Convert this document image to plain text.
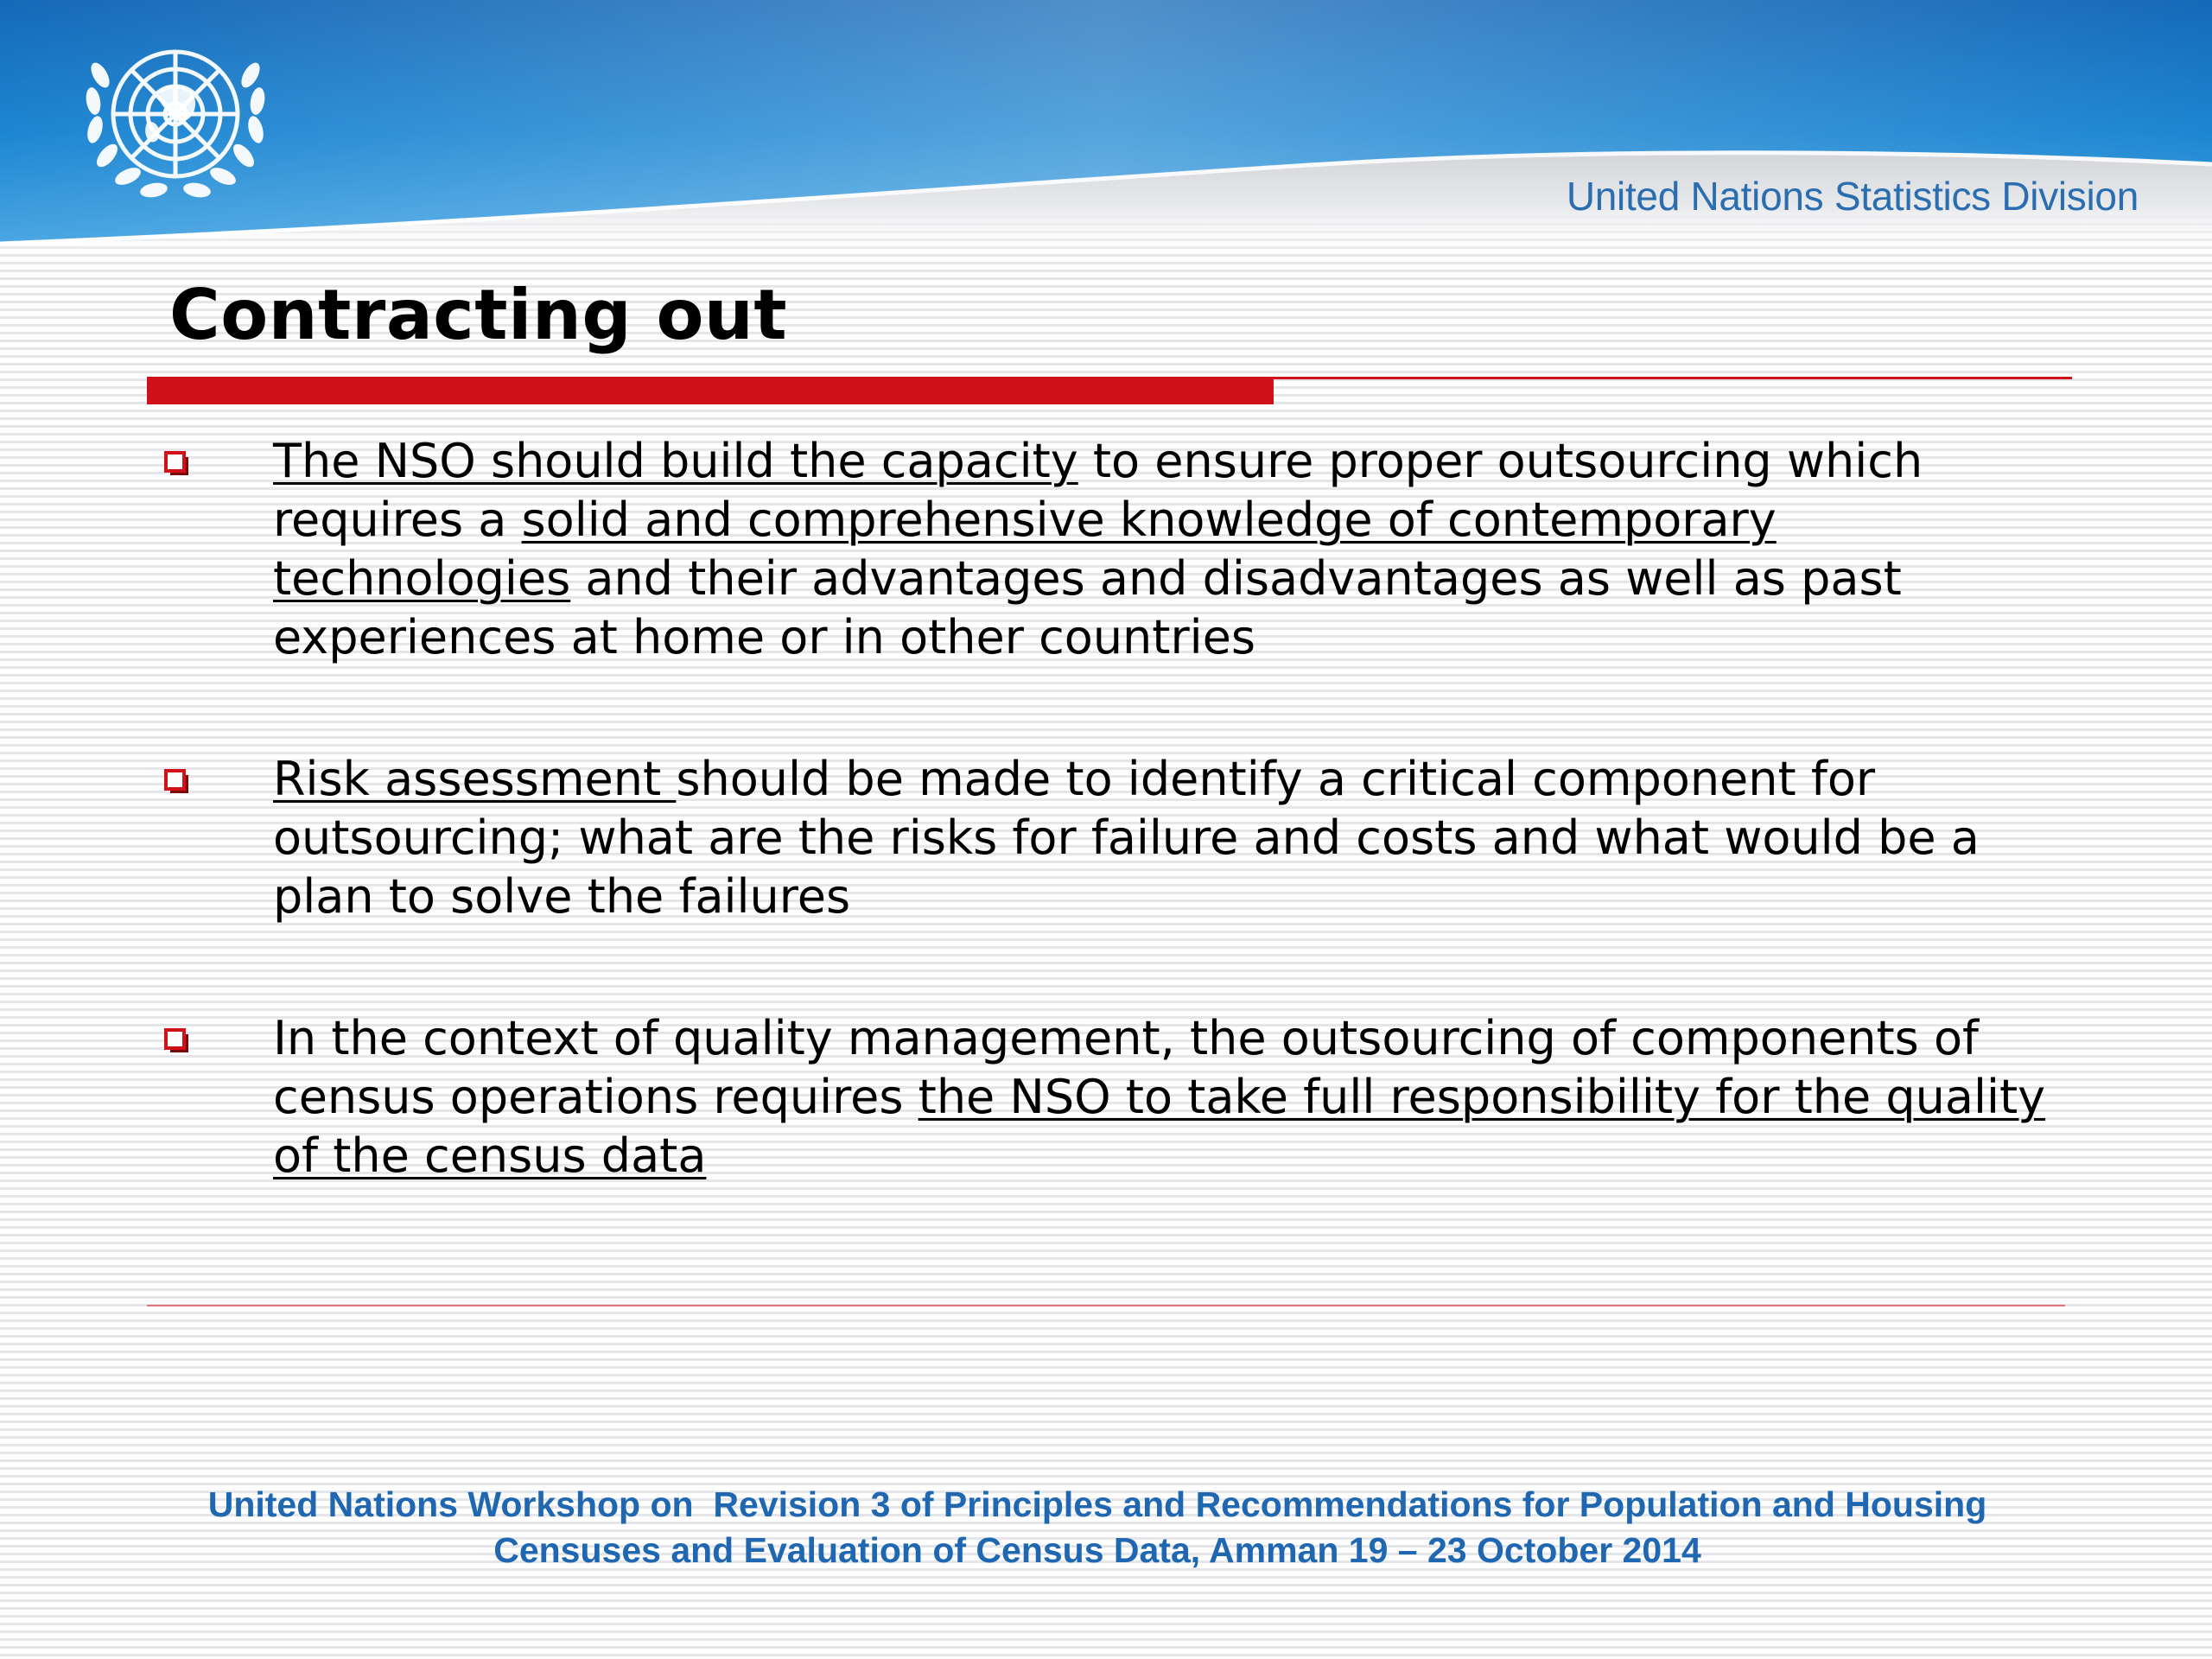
United Nations Statistics Division
Contracting out
The NSO should build the capacity to ensure proper outsourcing which requires a solid and comprehensive knowledge of contemporary technologies and their advantages and disadvantages as well as past experiences at home or in other countries
Risk assessment should be made to identify a critical component for outsourcing; what are the risks for failure and costs and what would be a plan to solve the failures
In the context of quality management, the outsourcing of components of census operations requires the NSO to take full responsibility for the quality of the census data
United Nations Workshop on  Revision 3 of Principles and Recommendations for Population and Housing
Censuses and Evaluation of Census Data, Amman 19 – 23 October 2014
